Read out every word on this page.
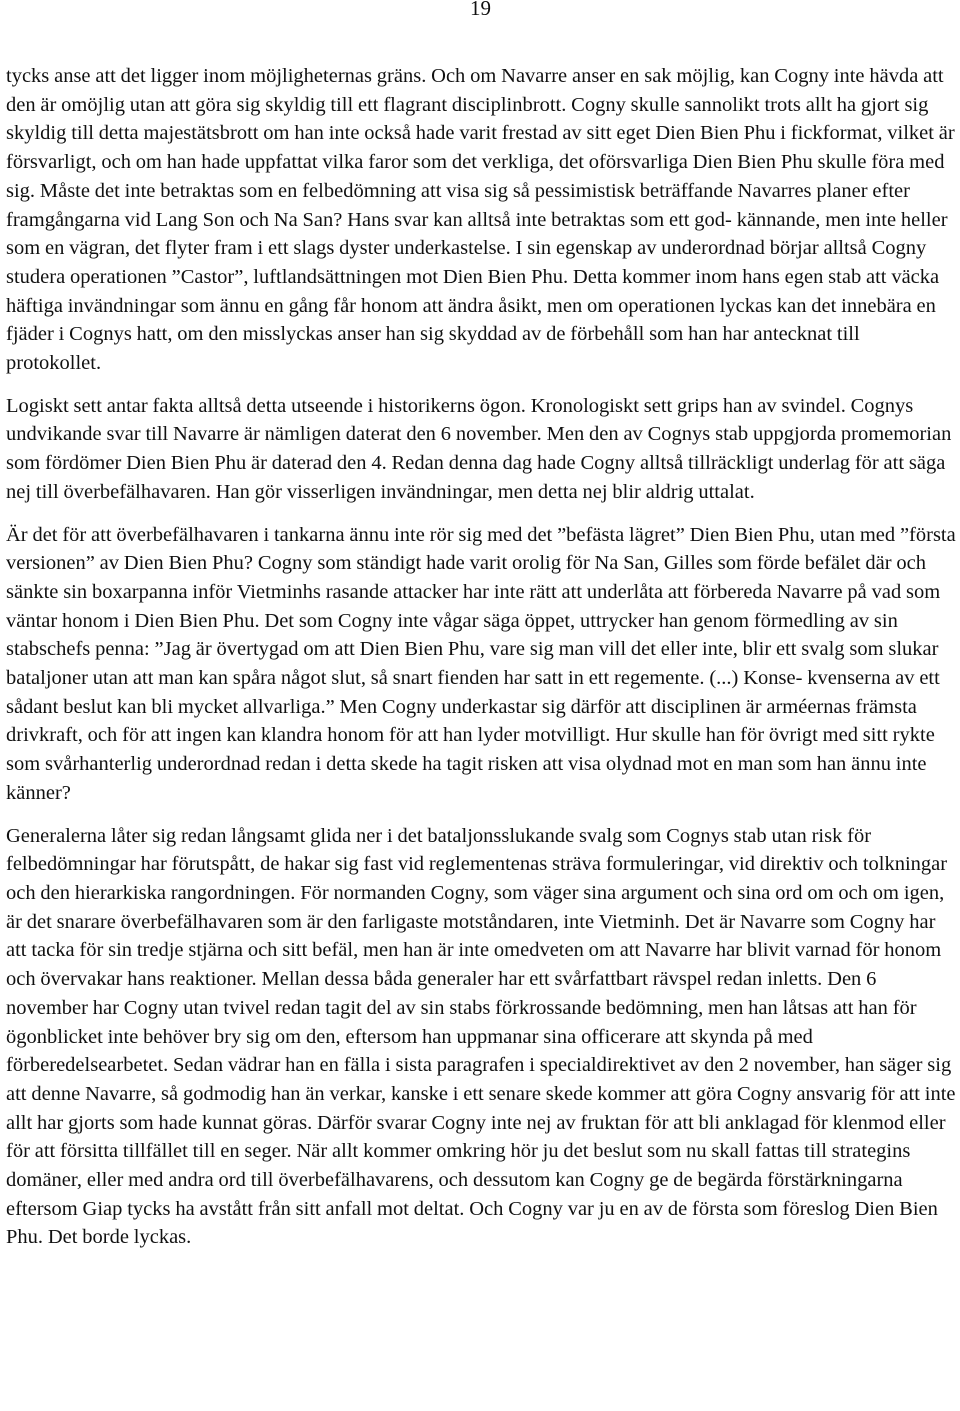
19

tycks anse att det ligger inom möjligheternas gräns. Och om Navarre anser en sak möjlig, kan Cogny inte hävda att den är omöjlig utan att göra sig skyldig till ett flagrant disciplinbrott. Cogny skulle sannolikt trots allt ha gjort sig skyldig till detta majestätsbrott om han inte också hade varit frestad av sitt eget Dien Bien Phu i fickformat, vilket är försvarligt, och om han hade uppfattat vilka faror som det verkliga, det oförsvarliga Dien Bien Phu skulle föra med sig. Måste det inte betraktas som en felbedömning att visa sig så pessimistisk beträffande Navarres planer efter framgångarna vid Lang Son och Na San? Hans svar kan alltså inte betraktas som ett god- kännande, men inte heller som en vägran, det flyter fram i ett slags dyster underkastelse. I sin egenskap av underordnad börjar alltså Cogny studera operationen ”Castor”, luftlandsättningen mot Dien Bien Phu. Detta kommer inom hans egen stab att väcka häftiga invändningar som ännu en gång får honom att ändra åsikt, men om operationen lyckas kan det innebära en fjäder i Cognys hatt, om den misslyckas anser han sig skyddad av de förbehåll som han har antecknat till protokollet.

Logiskt sett antar fakta alltså detta utseende i historikerns ögon. Kronologiskt sett grips han av svindel. Cognys undvikande svar till Navarre är nämligen daterat den 6 november. Men den av Cognys stab uppgjorda promemorian som fördömer Dien Bien Phu är daterad den 4. Redan denna dag hade Cogny alltså tillräckligt underlag för att säga nej till överbefälhavaren. Han gör visserligen invändningar, men detta nej blir aldrig uttalat.

Är det för att överbefälhavaren i tankarna ännu inte rör sig med det ”befästa lägret” Dien Bien Phu, utan med ”första versionen” av Dien Bien Phu? Cogny som ständigt hade varit orolig för Na San, Gilles som förde befälet där och sänkte sin boxarpanna inför Vietminhs rasande attacker har inte rätt att underlåta att förbereda Navarre på vad som väntar honom i Dien Bien Phu. Det som Cogny inte vågar säga öppet, uttrycker han genom förmedling av sin stabschefs penna: ”Jag är övertygad om att Dien Bien Phu, vare sig man vill det eller inte, blir ett svalg som slukar bataljoner utan att man kan spåra något slut, så snart fienden har satt in ett regemente. (...) Konse- kvenserna av ett sådant beslut kan bli mycket allvarliga.” Men Cogny underkastar sig därför att disciplinen är arméernas främsta drivkraft, och för att ingen kan klandra honom för att han lyder motvilligt. Hur skulle han för övrigt med sitt rykte som svårhanterlig underordnad redan i detta skede ha tagit risken att visa olydnad mot en man som han ännu inte känner?

Generalerna låter sig redan långsamt glida ner i det bataljonsslukande svalg som Cognys stab utan risk för felbedömningar har förutspått, de hakar sig fast vid reglementenas sträva formuleringar, vid direktiv och tolkningar och den hierarkiska rangordningen. För normanden Cogny, som väger sina argument och sina ord om och om igen, är det snarare överbefälhavaren som är den farligaste motståndaren, inte Vietminh. Det är Navarre som Cogny har att tacka för sin tredje stjärna och sitt befäl, men han är inte omedveten om att Navarre har blivit varnad för honom och övervakar hans reaktioner. Mellan dessa båda generaler har ett svårfattbart rävspel redan inletts. Den 6 november har Cogny utan tvivel redan tagit del av sin stabs förkrossande bedömning, men han låtsas att han för ögonblicket inte behöver bry sig om den, eftersom han uppmanar sina officerare att skynda på med förberedelsearbetet. Sedan vädrar han en fälla i sista paragrafen i specialdirektivet av den 2 november, han säger sig att denne Navarre, så godmodig han än verkar, kanske i ett senare skede kommer att göra Cogny ansvarig för att inte allt har gjorts som hade kunnat göras. Därför svarar Cogny inte nej av fruktan för att bli anklagad för klenmod eller för att försitta tillfället till en seger. När allt kommer omkring hör ju det beslut som nu skall fattas till strategins domäner, eller med andra ord till överbefälhavarens, och dessutom kan Cogny ge de begärda förstärkningarna eftersom Giap tycks ha avstått från sitt anfall mot deltat. Och Cogny var ju en av de första som föreslog Dien Bien Phu. Det borde lyckas.
